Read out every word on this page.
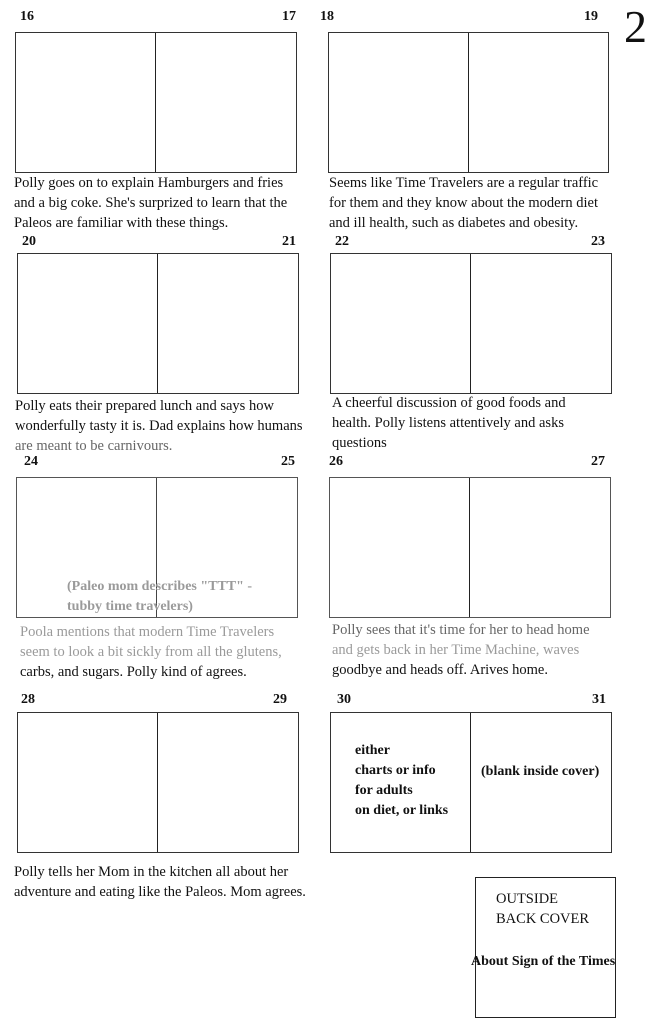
2
16	17
Polly goes on to explain Hamburgers and fries
and a big coke. She's surprized to learn that the
Paleos are familiar with these things.
18	19
Seems like Time Travelers are a regular traffic
for them and they know about the modern diet
and ill health, such as diabetes and obesity.
20	21
Polly eats their prepared lunch and says how
wonderfully tasty it is. Dad explains how humans
are meant to be carnivours.
22	23
A cheerful discussion of good foods and
health. Polly listens attentively and asks
questions
24	25
(Paleo mom describes "TTT" -
tubby time travelers)
Poola mentions that modern Time Travelers
seem to look a bit sickly from all the glutens,
carbs, and sugars. Polly kind of agrees.
26	27
Polly sees that it's time for her to head home
and gets back in her Time Machine, waves
goodbye and heads off. Arives home.
28	29
Polly tells her Mom in the kitchen all about her
adventure and eating like the Paleos. Mom agrees.
30	31
either
charts or info
for adults
on diet, or links
(blank inside cover)
OUTSIDE
BACK COVER
About Sign of the Times
